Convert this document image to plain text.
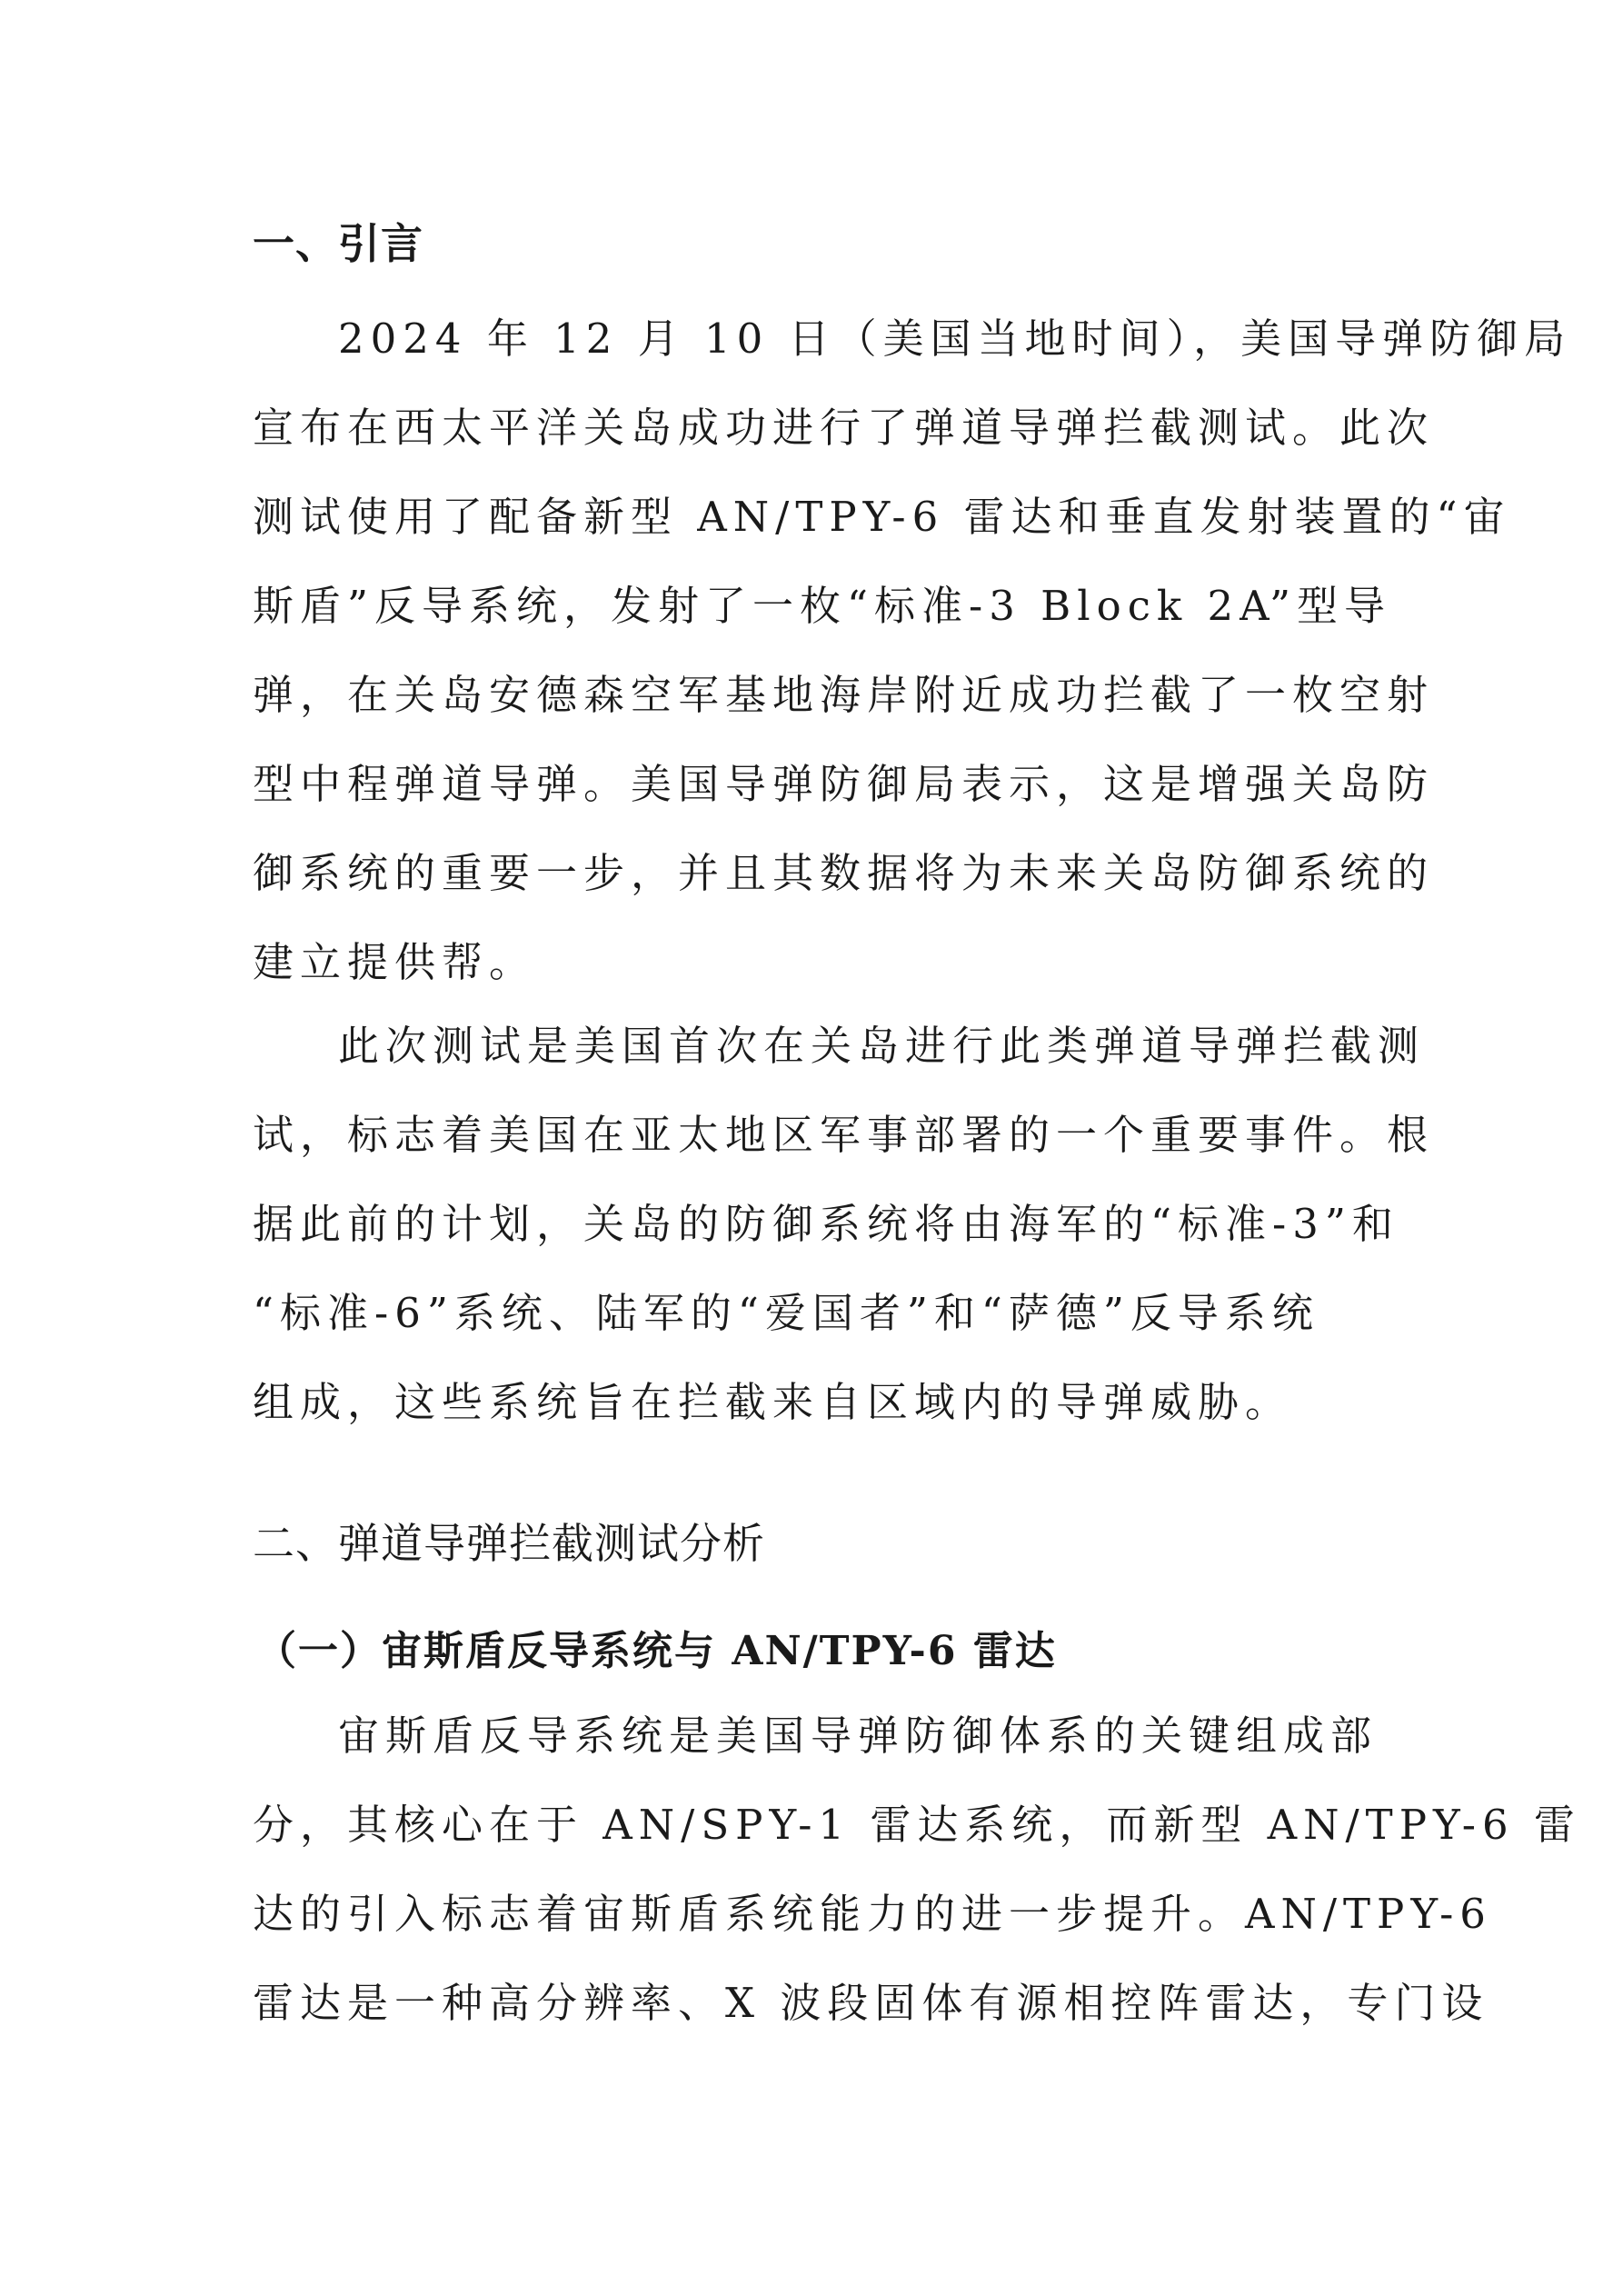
一、引言

2024 年 12 月 10 日（美国当地时间），美国导弹防御局

宣布在西太平洋关岛成功进行了弹道导弹拦截测试。此次

测试使用了配备新型 AN/TPY-6 雷达和垂直发射装置的“宙

斯盾”反导系统，发射了一枚“标准-3 Block 2A”型导

弹，在关岛安德森空军基地海岸附近成功拦截了一枚空射

型中程弹道导弹。美国导弹防御局表示，这是增强关岛防

御系统的重要一步，并且其数据将为未来关岛防御系统的

建立提供帮。

此次测试是美国首次在关岛进行此类弹道导弹拦截测

试，标志着美国在亚太地区军事部署的一个重要事件。根

据此前的计划，关岛的防御系统将由海军的“标准-3”和

“标准-6”系统、陆军的“爱国者”和“萨德”反导系统

组成，这些系统旨在拦截来自区域内的导弹威胁。

二、弹道导弹拦截测试分析
（一）宙斯盾反导系统与 AN/TPY-6 雷达

宙斯盾反导系统是美国导弹防御体系的关键组成部

分，其核心在于 AN/SPY-1 雷达系统，而新型 AN/TPY-6 雷

达的引入标志着宙斯盾系统能力的进一步提升。AN/TPY-6

雷达是一种高分辨率、X 波段固体有源相控阵雷达，专门设
